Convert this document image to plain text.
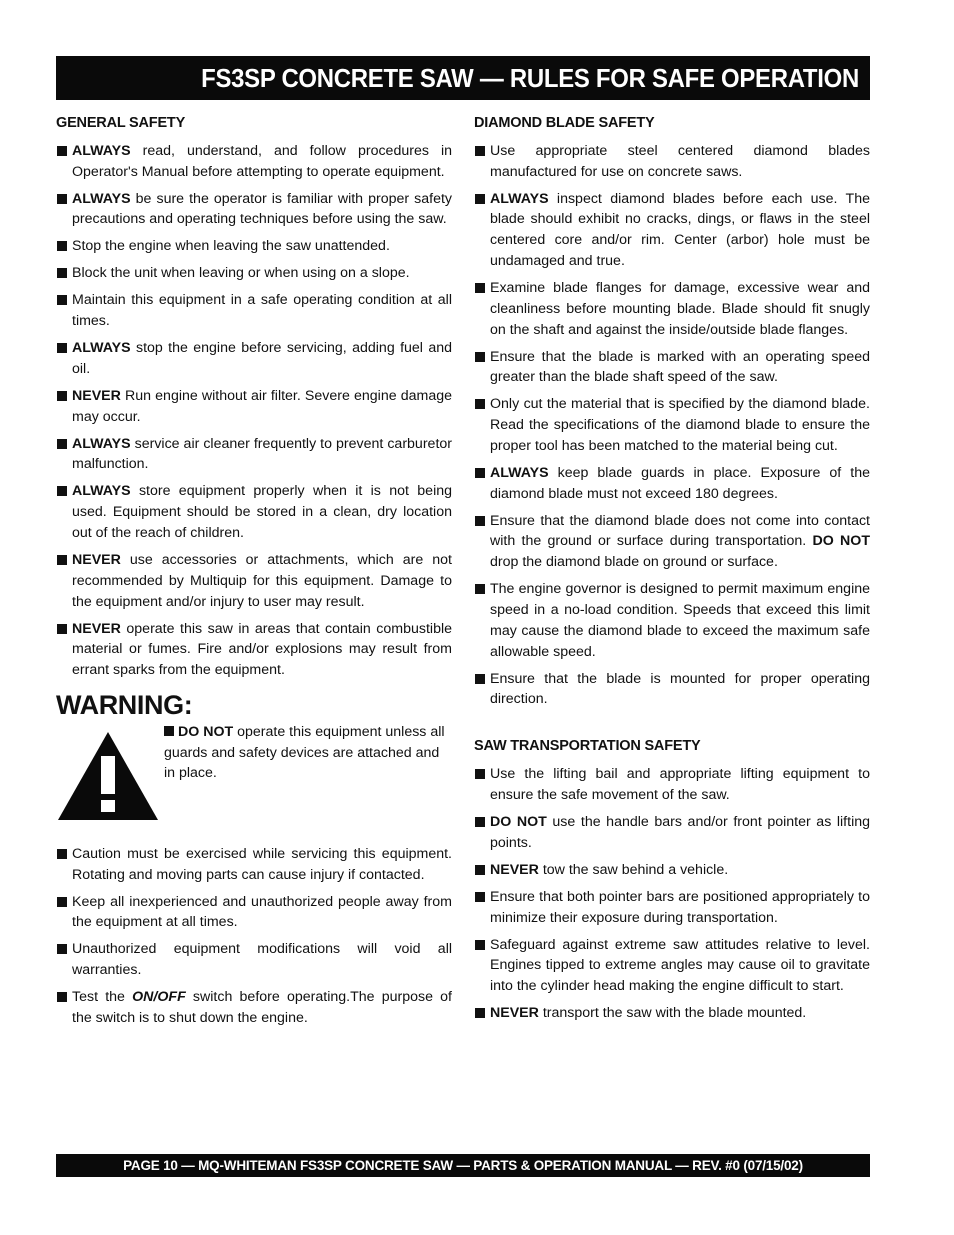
FS3SP CONCRETE SAW — RULES FOR SAFE OPERATION
GENERAL SAFETY
ALWAYS read, understand, and follow procedures in Operator's Manual before attempting to operate equipment.
ALWAYS be sure the operator is familiar with proper safety precautions and operating techniques before using the saw.
Stop the engine when leaving the saw unattended.
Block the unit when leaving or when using on a slope.
Maintain this equipment in a safe operating condition at all times.
ALWAYS stop the engine before servicing, adding fuel and oil.
NEVER Run engine without air filter. Severe engine damage may occur.
ALWAYS service air cleaner frequently to prevent carburetor malfunction.
ALWAYS store equipment properly when it is not being used. Equipment should be stored in a clean, dry location out of the reach of children.
NEVER use accessories or attachments, which are not recommended by Multiquip for this equipment. Damage to the equipment and/or injury to user may result.
NEVER operate this saw in areas that contain combustible material or fumes. Fire and/or explosions may result from errant sparks from the equipment.
WARNING:
DO NOT operate this equipment unless all guards and safety devices are attached and in place.
Caution must be exercised while servicing this equipment. Rotating and moving parts can cause injury if contacted.
Keep all inexperienced and unauthorized people away from the equipment at all times.
Unauthorized equipment modifications will void all warranties.
Test the ON/OFF switch before operating.The purpose of the switch is to shut down the engine.
DIAMOND BLADE SAFETY
Use appropriate steel centered diamond blades manufactured for use on concrete saws.
ALWAYS inspect diamond blades before each use. The blade should exhibit no cracks, dings, or flaws in the steel centered core and/or rim. Center (arbor) hole must be undamaged and true.
Examine blade flanges for damage, excessive wear and cleanliness before mounting blade. Blade should fit snugly on the shaft and against the inside/outside blade flanges.
Ensure that the blade is marked with an operating speed greater than the blade shaft speed of the saw.
Only cut the material that is specified by the diamond blade. Read the specifications of the diamond blade to ensure the proper tool has been matched to the material being cut.
ALWAYS keep blade guards in place. Exposure of the diamond blade must not exceed 180 degrees.
Ensure that the diamond blade does not come into contact with the ground or surface during transportation. DO NOT drop the diamond blade on ground or surface.
The engine governor is designed to permit maximum engine speed in a no-load condition. Speeds that exceed this limit may cause the diamond blade to exceed the maximum safe allowable speed.
Ensure that the blade is mounted for proper operating direction.
SAW TRANSPORTATION SAFETY
Use the lifting bail and appropriate lifting equipment to ensure the safe movement of the saw.
DO NOT use the handle bars and/or front pointer as lifting points.
NEVER tow the saw behind a vehicle.
Ensure that both pointer bars are positioned appropriately to minimize their exposure during transportation.
Safeguard against extreme saw attitudes relative to level. Engines tipped to extreme angles may cause oil to gravitate into the cylinder head making the engine difficult to start.
NEVER transport the saw with the blade mounted.
PAGE 10 — MQ-WHITEMAN FS3SP CONCRETE SAW — PARTS & OPERATION MANUAL — REV. #0 (07/15/02)
